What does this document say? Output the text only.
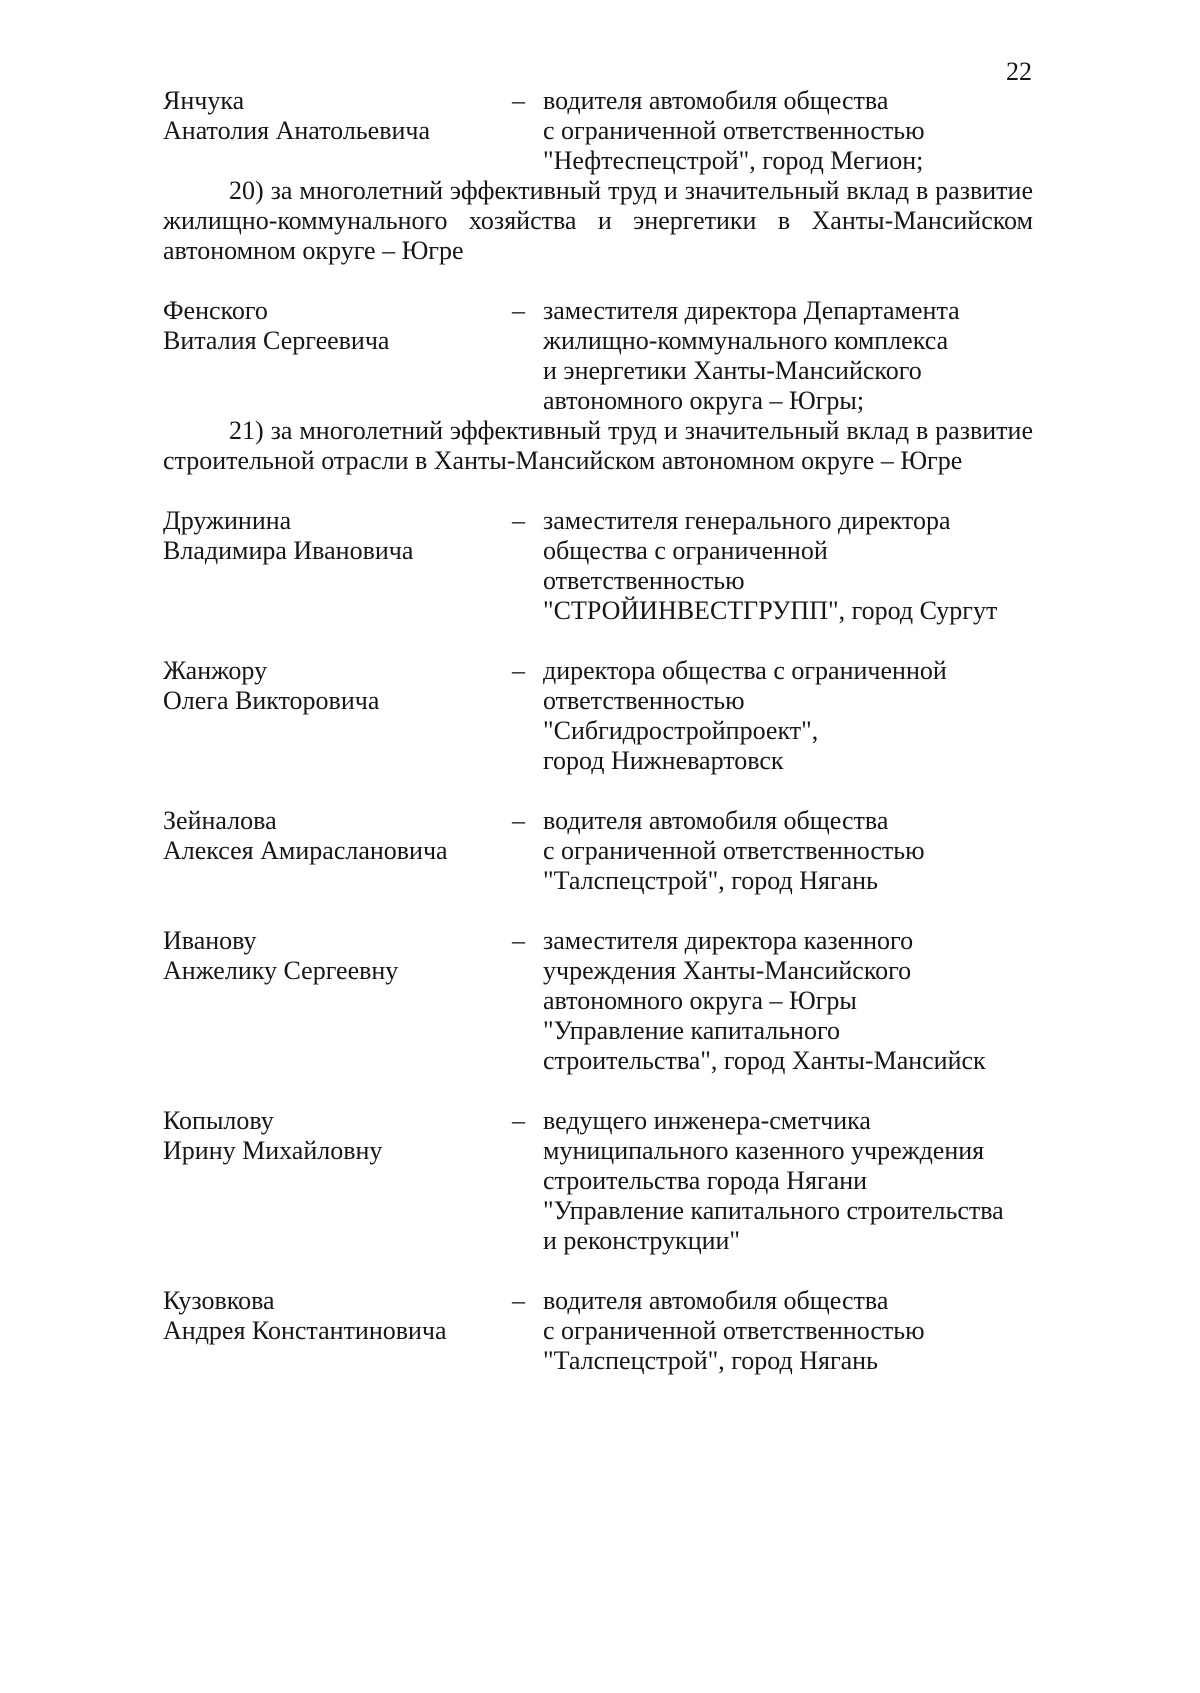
22
Янчука
Анатолия Анатольевича
– водителя автомобиля общества
с ограниченной ответственностью
"Нефтеспецстрой", город Мегион;
20) за многолетний эффективный труд и значительный вклад в развитие
жилищно-коммунального хозяйства и энергетики в Ханты-Мансийском
автономном округе – Югре
Фенского
Виталия Сергеевича
– заместителя директора Департамента
жилищно-коммунального комплекса
и энергетики Ханты-Мансийского
автономного округа – Югры;
21) за многолетний эффективный труд и значительный вклад в развитие
строительной отрасли в Ханты-Мансийском автономном округе – Югре
Дружинина
Владимира Ивановича
– заместителя генерального директора
общества с ограниченной
ответственностью
"СТРОЙИНВЕСТГРУПП", город Сургут
Жанжору
Олега Викторовича
– директора общества с ограниченной
ответственностью
"Сибгидростройпроект",
город Нижневартовск
Зейналова
Алексея Амираслановича
– водителя автомобиля общества
с ограниченной ответственностью
"Талспецстрой", город Нягань
Иванову
Анжелику Сергеевну
– заместителя директора казенного
учреждения Ханты-Мансийского
автономного округа – Югры
"Управление капитального
строительства", город Ханты-Мансийск
Копылову
Ирину Михайловну
– ведущего инженера-сметчика
муниципального казенного учреждения
строительства города Нягани
"Управление капитального строительства
и реконструкции"
Кузовкова
Андрея Константиновича
– водителя автомобиля общества
с ограниченной ответственностью
"Талспецстрой", город Нягань
